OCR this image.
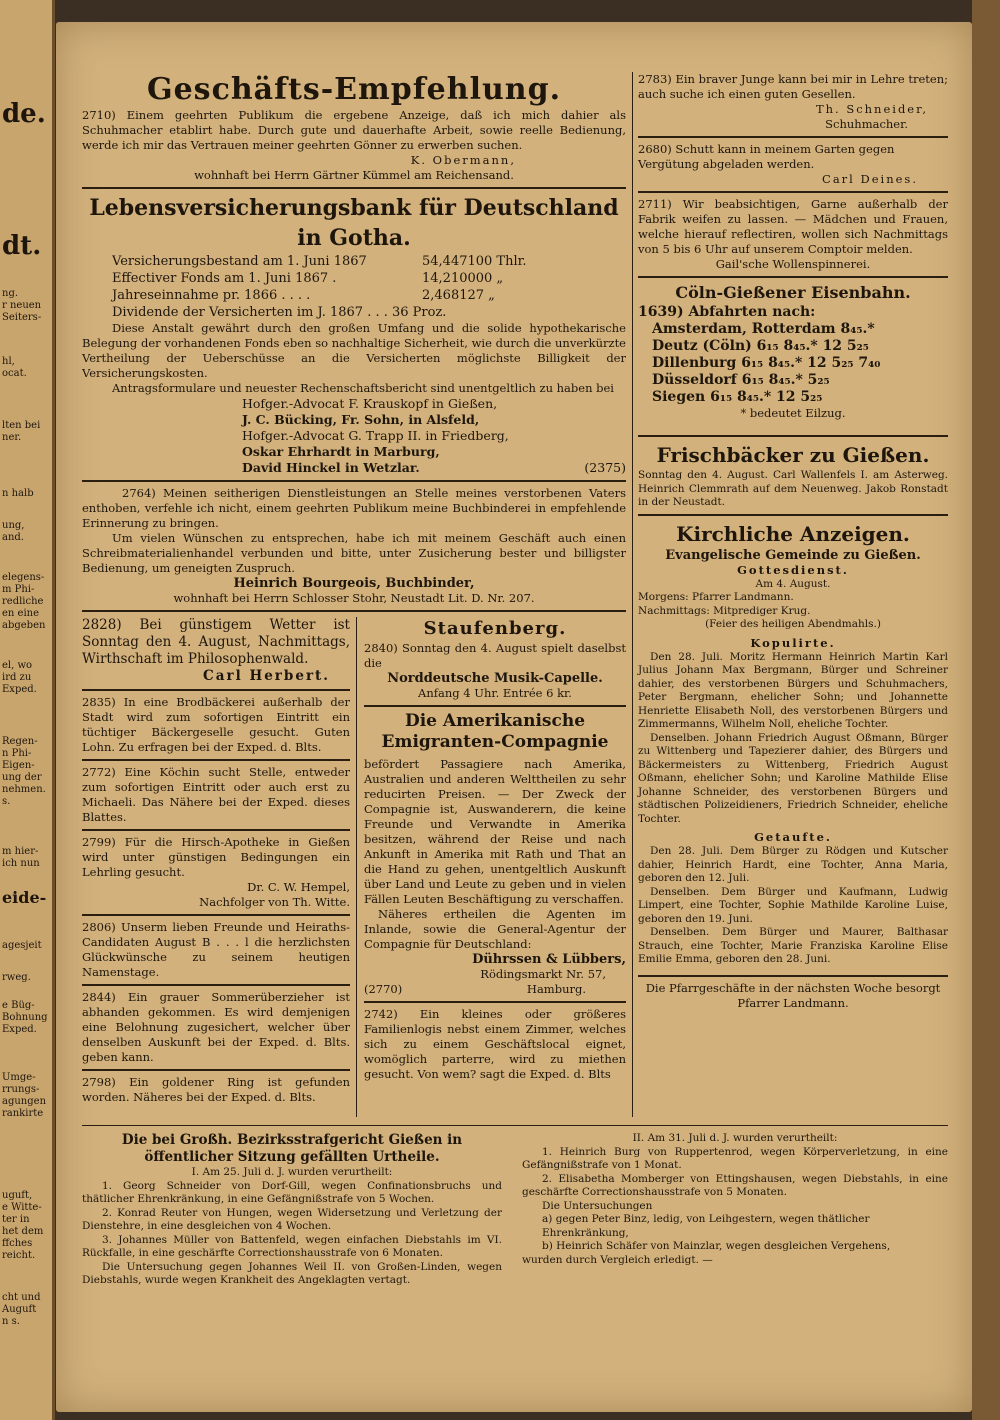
de.
dt.
ng.
r neuen
Seiters-
hl,
ocat.
lten bei
ner.
n halb
ung,
and.
elegens-
m Phi-
redliche
en eine
abgeben
el, wo
ird zu
Exped.
Regen-
n Phi-
Eigen-
ung der
nehmen.
s.
m hier-
ich nun
eide-
agesjeit
rweg.
e Büg-
Bohnung
Exped.
Umge-
rrungs-
agungen
rankirte
uguft,
e Witte-
ter in
het dem
ffches
reicht.
cht und
Auguft
n s.
Geschäfts-Empfehlung.

2710) Einem geehrten Publikum die ergebene Anzeige, daß ich mich dahier als Schuhmacher etablirt habe. Durch gute und dauerhafte Arbeit, sowie reelle Bedienung, werde ich mir das Vertrauen meiner geehrten Gönner zu erwerben suchen.

K. Obermann,

wohnhaft bei Herrn Gärtner Kümmel am Reichensand.

Lebensversicherungsbank für Deutschland in Gotha.
Versicherungsbestand am 1. Juni 1867	54,447100 Thlr.
Effectiver Fonds am 1. Juni 1867 .	14,210000 „
Jahreseinnahme pr. 1866 . . . .	2,468127 „
Dividende der Versicherten im J. 1867 . . . 36 Proz.

Diese Anstalt gewährt durch den großen Umfang und die solide hypothekarische Belegung der vorhandenen Fonds eben so nachhaltige Sicherheit, wie durch die unverkürzte Vertheilung der Ueberschüsse an die Versicherten möglichste Billigkeit der Versicherungskosten.

Antragsformulare und neuester Rechenschaftsbericht sind unentgeltlich zu haben bei

Hofger.-Advocat F. Krauskopf in Gießen,

J. C. Bücking, Fr. Sohn, in Alsfeld,

Hofger.-Advocat G. Trapp II. in Friedberg,

Oskar Ehrhardt in Marburg,

David Hinckel in Wetzlar.	(2375)

2764) Meinen seitherigen Dienstleistungen an Stelle meines verstorbenen Vaters enthoben, verfehle ich nicht, einem geehrten Publikum meine Buchbinderei in empfehlende Erinnerung zu bringen.

Um vielen Wünschen zu entsprechen, habe ich mit meinem Geschäft auch einen Schreibmaterialienhandel verbunden und bitte, unter Zusicherung bester und billigster Bedienung, um geneigten Zuspruch.

Heinrich Bourgeois, Buchbinder,

wohnhaft bei Herrn Schlosser Stohr, Neustadt Lit. D. Nr. 207.

2828) Bei günstigem Wetter ist Sonntag den 4. August, Nachmittags, Wirthschaft im Philosophenwald.

Carl Herbert.

2835) In eine Brodbäckerei außerhalb der Stadt wird zum sofortigen Eintritt ein tüchtiger Bäckergeselle gesucht. Guten Lohn. Zu erfragen bei der Exped. d. Blts.

2772) Eine Köchin sucht Stelle, entweder zum sofortigen Eintritt oder auch erst zu Michaeli. Das Nähere bei der Exped. dieses Blattes.

2799) Für die Hirsch-Apotheke in Gießen wird unter günstigen Bedingungen ein Lehrling gesucht.

Dr. C. W. Hempel,

Nachfolger von Th. Witte.

2806) Unserm lieben Freunde und Heiraths-Candidaten August B . . . l die herzlichsten Glückwünsche zu seinem heutigen Namenstage.

2844) Ein grauer Sommerüberzieher ist abhanden gekommen. Es wird demjenigen eine Belohnung zugesichert, welcher über denselben Auskunft bei der Exped. d. Blts. geben kann.

2798) Ein goldener Ring ist gefunden worden. Näheres bei der Exped. d. Blts.

Staufenberg.

2840) Sonntag den 4. August spielt daselbst die

Norddeutsche Musik-Capelle.

Anfang 4 Uhr. Entrée 6 kr.

Die Amerikanische Emigranten-Compagnie

befördert Passagiere nach Amerika, Australien und anderen Welttheilen zu sehr reducirten Preisen. — Der Zweck der Compagnie ist, Auswanderern, die keine Freunde und Verwandte in Amerika besitzen, während der Reise und nach Ankunft in Amerika mit Rath und That an die Hand zu gehen, unentgeltlich Auskunft über Land und Leute zu geben und in vielen Fällen Leuten Beschäftigung zu verschaffen.

Näheres ertheilen die Agenten im Inlande, sowie die General-Agentur der Compagnie für Deutschland:

Dührssen & Lübbers,

Rödingsmarkt Nr. 57,

(2770)	Hamburg.

2742) Ein kleines oder größeres Familienlogis nebst einem Zimmer, welches sich zu einem Geschäftslocal eignet, womöglich parterre, wird zu miethen gesucht. Von wem? sagt die Exped. d. Blts

2783) Ein braver Junge kann bei mir in Lehre treten; auch suche ich einen guten Gesellen.

Th. Schneider,

Schuhmacher.

2680) Schutt kann in meinem Garten gegen Vergütung abgeladen werden.

Carl Deines.

2711) Wir beabsichtigen, Garne außerhalb der Fabrik weifen zu lassen. — Mädchen und Frauen, welche hierauf reflectiren, wollen sich Nachmittags von 5 bis 6 Uhr auf unserem Comptoir melden.

Gail'sche Wollenspinnerei.

Cöln-Gießener Eisenbahn.

1639) Abfahrten nach:

Amsterdam, Rotterdam 8₄₅.*

Deutz (Cöln) 6₁₅ 8₄₅.* 12 5₂₅

Dillenburg 6₁₅ 8₄₅.* 12 5₂₅ 7₄₀

Düsseldorf 6₁₅ 8₄₅.* 5₂₅

Siegen 6₁₅ 8₄₅.* 12 5₂₅

* bedeutet Eilzug.

Frischbäcker zu Gießen.

Sonntag den 4. August. Carl Wallenfels I. am Asterweg. Heinrich Clemmrath auf dem Neuenweg. Jakob Ronstadt in der Neustadt.

Kirchliche Anzeigen.

Evangelische Gemeinde zu Gießen.

Gottesdienst.

Am 4. August.

Morgens: Pfarrer Landmann.

Nachmittags: Mitprediger Krug.

(Feier des heiligen Abendmahls.)

Kopulirte.

Den 28. Juli. Moritz Hermann Heinrich Martin Karl Julius Johann Max Bergmann, Bürger und Schreiner dahier, des verstorbenen Bürgers und Schuhmachers, Peter Bergmann, ehelicher Sohn; und Johannette Henriette Elisabeth Noll, des verstorbenen Bürgers und Zimmermanns, Wilhelm Noll, eheliche Tochter.

Denselben. Johann Friedrich August Oßmann, Bürger zu Wittenberg und Tapezierer dahier, des Bürgers und Bäckermeisters zu Wittenberg, Friedrich August Oßmann, ehelicher Sohn; und Karoline Mathilde Elise Johanne Schneider, des verstorbenen Bürgers und städtischen Polizeidieners, Friedrich Schneider, eheliche Tochter.

Getaufte.

Den 28. Juli. Dem Bürger zu Rödgen und Kutscher dahier, Heinrich Hardt, eine Tochter, Anna Maria, geboren den 12. Juli.

Denselben. Dem Bürger und Kaufmann, Ludwig Limpert, eine Tochter, Sophie Mathilde Karoline Luise, geboren den 19. Juni.

Denselben. Dem Bürger und Maurer, Balthasar Strauch, eine Tochter, Marie Franziska Karoline Elise Emilie Emma, geboren den 28. Juni.

Die Pfarrgeschäfte in der nächsten Woche besorgt Pfarrer Landmann.

Die bei Großh. Bezirksstrafgericht Gießen in öffentlicher Sitzung gefällten Urtheile.

I. Am 25. Juli d. J. wurden verurtheilt:

1. Georg Schneider von Dorf-Gill, wegen Confinationsbruchs und thätlicher Ehrenkränkung, in eine Gefängnißstrafe von 5 Wochen.

2. Konrad Reuter von Hungen, wegen Widersetzung und Verletzung der Dienstehre, in eine desgleichen von 4 Wochen.

3. Johannes Müller von Battenfeld, wegen einfachen Diebstahls im VI. Rückfalle, in eine geschärfte Correctionshausstrafe von 6 Monaten.

Die Untersuchung gegen Johannes Weil II. von Großen-Linden, wegen Diebstahls, wurde wegen Krankheit des Angeklagten vertagt.

II. Am 31. Juli d. J. wurden verurtheilt:

1. Heinrich Burg von Ruppertenrod, wegen Körperverletzung, in eine Gefängnißstrafe von 1 Monat.

2. Elisabetha Momberger von Ettingshausen, wegen Diebstahls, in eine geschärfte Correctionshausstrafe von 5 Monaten.

Die Untersuchungen

a) gegen Peter Binz, ledig, von Leihgestern, wegen thätlicher Ehrenkränkung,

b) Heinrich Schäfer von Mainzlar, wegen desgleichen Vergehens,

wurden durch Vergleich erledigt. —
